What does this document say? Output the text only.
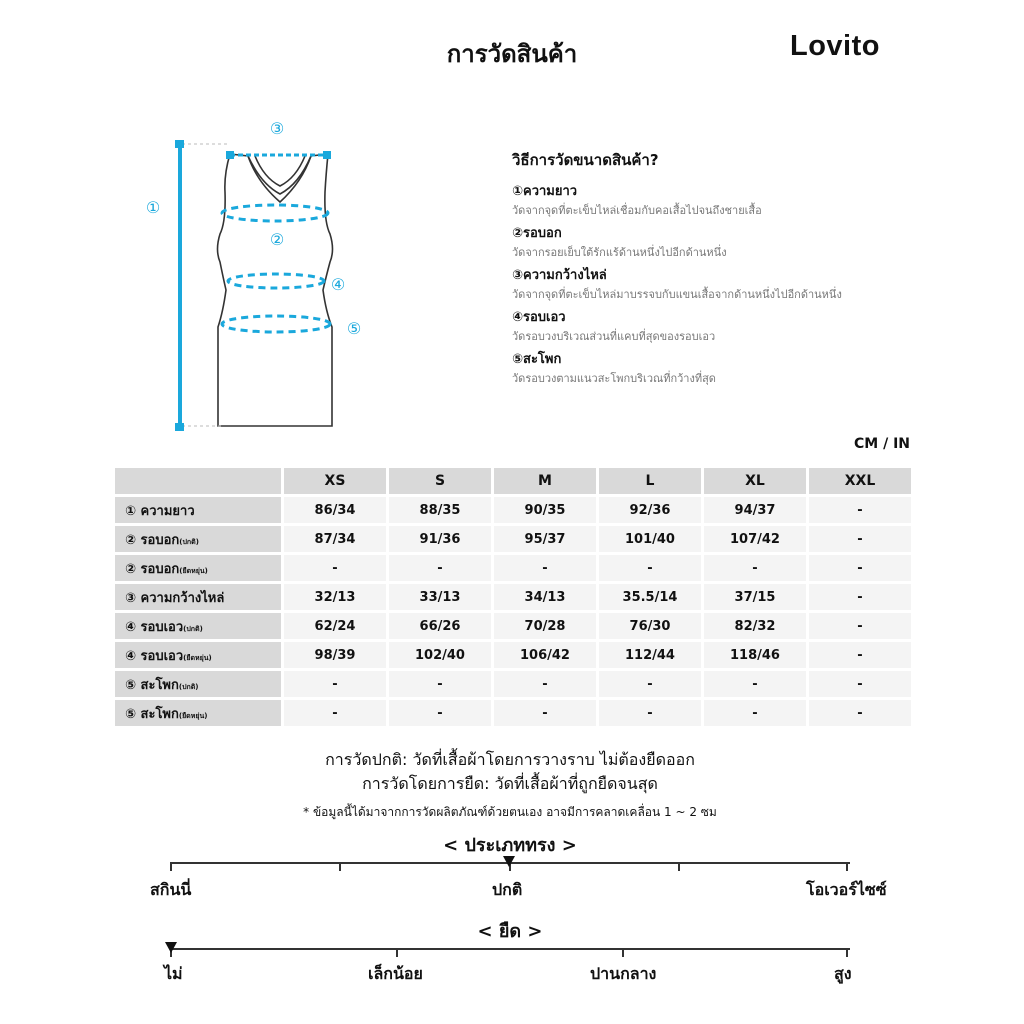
การวัดสินค้า	Lovito
①
②
③
④
⑤
วิธีการวัดขนาดสินค้า?
①ความยาว
วัดจากจุดที่ตะเข็บไหล่เชื่อมกับคอเสื้อไปจนถึงชายเสื้อ
②รอบอก
วัดจากรอยเย็บใต้รักแร้ด้านหนึ่งไปอีกด้านหนึ่ง
③ความกว้างไหล่
วัดจากจุดที่ตะเข็บไหล่มาบรรจบกับแขนเสื้อจากด้านหนึ่งไปอีกด้านหนึ่ง
④รอบเอว
วัดรอบวงบริเวณส่วนที่แคบที่สุดของรอบเอว
⑤สะโพก
วัดรอบวงตามแนวสะโพกบริเวณที่กว้างที่สุด
CM / IN
	XS	S	M	L	XL	XXL
① ความยาว	86/34	88/35	90/35	92/36	94/37	-
② รอบอก(ปกติ)	87/34	91/36	95/37	101/40	107/42	-
② รอบอก(ยืดหยุ่น)	-	-	-	-	-	-
③ ความกว้างไหล่	32/13	33/13	34/13	35.5/14	37/15	-
④ รอบเอว(ปกติ)	62/24	66/26	70/28	76/30	82/32	-
④ รอบเอว(ยืดหยุ่น)	98/39	102/40	106/42	112/44	118/46	-
⑤ สะโพก(ปกติ)	-	-	-	-	-	-
⑤ สะโพก(ยืดหยุ่น)	-	-	-	-	-	-
การวัดปกติ: วัดที่เสื้อผ้าโดยการวางราบ ไม่ต้องยืดออก
การวัดโดยการยืด: วัดที่เสื้อผ้าที่ถูกยืดจนสุด
* ข้อมูลนี้ได้มาจากการวัดผลิตภัณฑ์ด้วยตนเอง อาจมีการคลาดเคลื่อน 1 ~ 2 ซม
< ประเภททรง >
สกินนี่	ปกติ	โอเวอร์ไซซ์
< ยืด >
ไม่	เล็กน้อย	ปานกลาง	สูง
